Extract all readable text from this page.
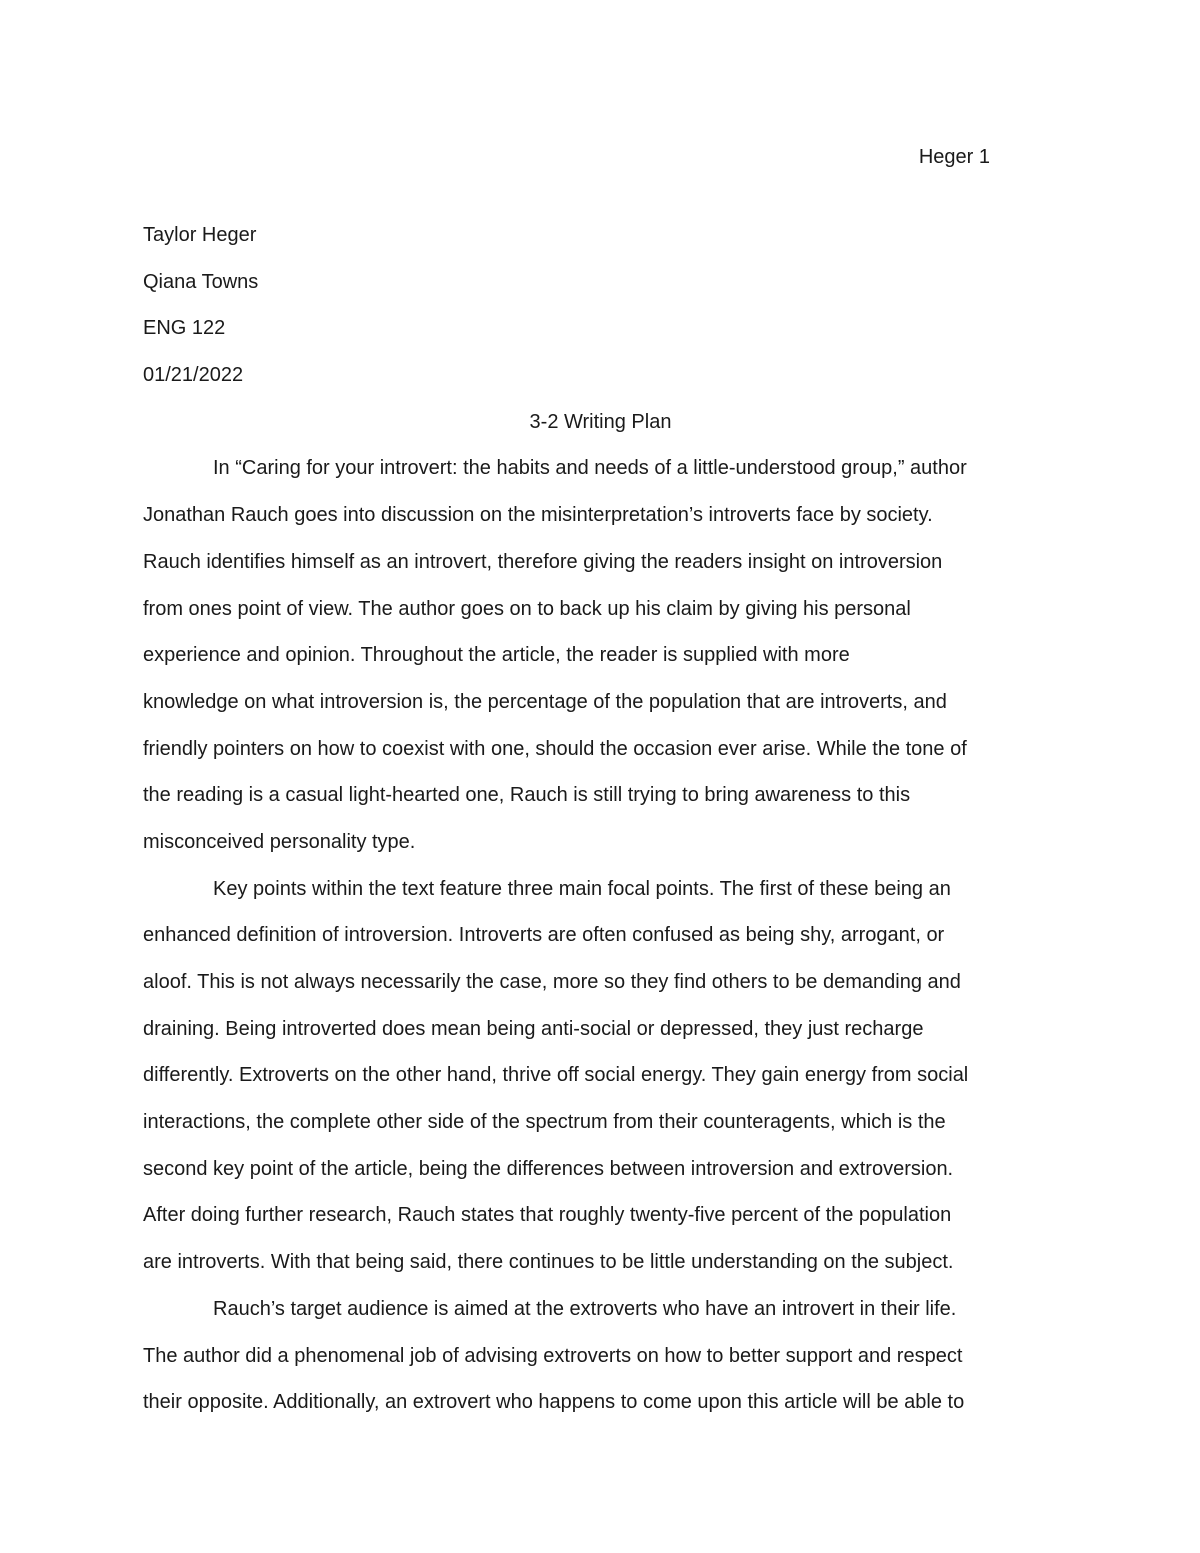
Heger 1
Taylor Heger
Qiana Towns
ENG 122
01/21/2022
3-2 Writing Plan
In “Caring for your introvert: the habits and needs of a little-understood group,” author
Jonathan Rauch goes into discussion on the misinterpretation’s introverts face by society.
Rauch identifies himself as an introvert, therefore giving the readers insight on introversion
from ones point of view. The author goes on to back up his claim by giving his personal
experience and opinion. Throughout the article, the reader is supplied with more
knowledge on what introversion is, the percentage of the population that are introverts, and
friendly pointers on how to coexist with one, should the occasion ever arise. While the tone of
the reading is a casual light-hearted one, Rauch is still trying to bring awareness to this
misconceived personality type.
Key points within the text feature three main focal points. The first of these being an
enhanced definition of introversion. Introverts are often confused as being shy, arrogant, or
aloof. This is not always necessarily the case, more so they find others to be demanding and
draining. Being introverted does mean being anti-social or depressed, they just recharge
differently. Extroverts on the other hand, thrive off social energy. They gain energy from social
interactions, the complete other side of the spectrum from their counteragents, which is the
second key point of the article, being the differences between introversion and extroversion.
After doing further research, Rauch states that roughly twenty-five percent of the population
are introverts. With that being said, there continues to be little understanding on the subject.
Rauch’s target audience is aimed at the extroverts who have an introvert in their life.
The author did a phenomenal job of advising extroverts on how to better support and respect
their opposite. Additionally, an extrovert who happens to come upon this article will be able to
